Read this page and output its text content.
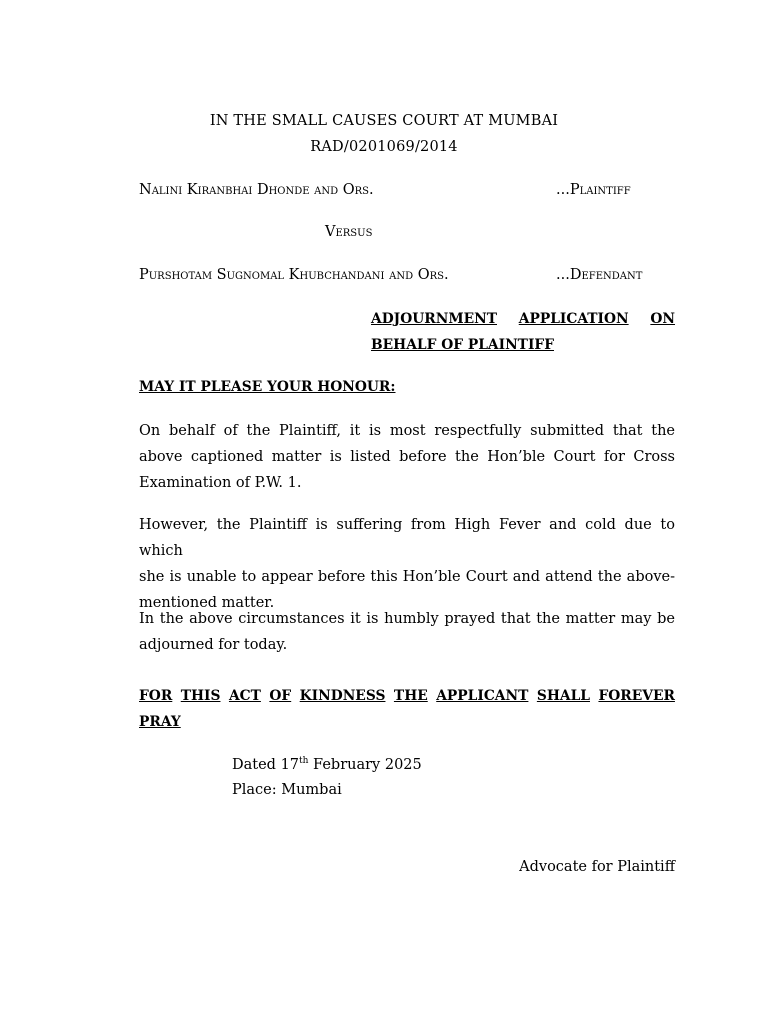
IN THE SMALL CAUSES COURT AT MUMBAI
RAD/0201069/2014
Nalini Kiranbhai Dhonde and Ors.	...Plaintiff
Versus
Purshotam Sugnomal Khubchandani and Ors.	...Defendant
ADJOURNMENT APPLICATION ON
BEHALF OF PLAINTIFF
MAY IT PLEASE YOUR HONOUR:
On behalf of the Plaintiff, it is most respectfully submitted that the
above captioned matter is listed before the Hon’ble Court for Cross
Examination of P.W. 1.
However, the Plaintiff is suffering from High Fever and cold due to which
she is unable to appear before this Hon’ble Court and attend the above-
mentioned matter.
In the above circumstances it is humbly prayed that the matter may be
adjourned for today.
FOR THIS ACT OF KINDNESS THE APPLICANT SHALL FOREVER
PRAY
Dated 17th February 2025
Place: Mumbai
Advocate for Plaintiff
